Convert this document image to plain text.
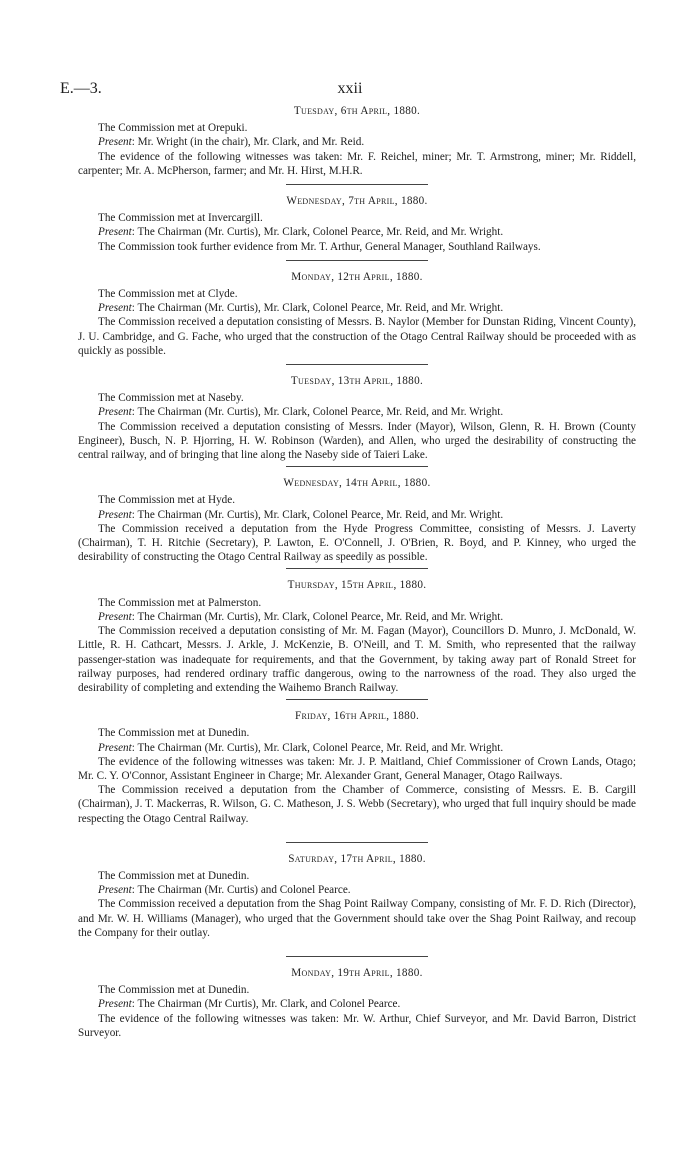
E.—3.	xxii
Tuesday, 6th April, 1880.

The Commission met at Orepuki.

Present: Mr. Wright (in the chair), Mr. Clark, and Mr. Reid.

The evidence of the following witnesses was taken: Mr. F. Reichel, miner; Mr. T. Armstrong, miner; Mr. Riddell, carpenter; Mr. A. McPherson, farmer; and Mr. H. Hirst, M.H.R.

Wednesday, 7th April, 1880.

The Commission met at Invercargill.

Present: The Chairman (Mr. Curtis), Mr. Clark, Colonel Pearce, Mr. Reid, and Mr. Wright.

The Commission took further evidence from Mr. T. Arthur, General Manager, Southland Railways.

Monday, 12th April, 1880.

The Commission met at Clyde.

Present: The Chairman (Mr. Curtis), Mr. Clark, Colonel Pearce, Mr. Reid, and Mr. Wright.

The Commission received a deputation consisting of Messrs. B. Naylor (Member for Dunstan Riding, Vincent County), J. U. Cambridge, and G. Fache, who urged that the construction of the Otago Central Railway should be proceeded with as quickly as possible.

Tuesday, 13th April, 1880.

The Commission met at Naseby.

Present: The Chairman (Mr. Curtis), Mr. Clark, Colonel Pearce, Mr. Reid, and Mr. Wright.

The Commission received a deputation consisting of Messrs. Inder (Mayor), Wilson, Glenn, R. H. Brown (County Engineer), Busch, N. P. Hjorring, H. W. Robinson (Warden), and Allen, who urged the desirability of constructing the central railway, and of bringing that line along the Naseby side of Taieri Lake.

Wednesday, 14th April, 1880.

The Commission met at Hyde.

Present: The Chairman (Mr. Curtis), Mr. Clark, Colonel Pearce, Mr. Reid, and Mr. Wright.

The Commission received a deputation from the Hyde Progress Committee, consisting of Messrs. J. Laverty (Chairman), T. H. Ritchie (Secretary), P. Lawton, E. O'Connell, J. O'Brien, R. Boyd, and P. Kinney, who urged the desirability of constructing the Otago Central Railway as speedily as possible.

Thursday, 15th April, 1880.

The Commission met at Palmerston.

Present: The Chairman (Mr. Curtis), Mr. Clark, Colonel Pearce, Mr. Reid, and Mr. Wright.

The Commission received a deputation consisting of Mr. M. Fagan (Mayor), Councillors D. Munro, J. McDonald, W. Little, R. H. Cathcart, Messrs. J. Arkle, J. McKenzie, B. O'Neill, and T. M. Smith, who represented that the railway passenger-station was inadequate for requirements, and that the Government, by taking away part of Ronald Street for railway purposes, had rendered ordinary traffic dangerous, owing to the narrowness of the road. They also urged the desirability of completing and extending the Waihemo Branch Railway.

Friday, 16th April, 1880.

The Commission met at Dunedin.

Present: The Chairman (Mr. Curtis), Mr. Clark, Colonel Pearce, Mr. Reid, and Mr. Wright.

The evidence of the following witnesses was taken: Mr. J. P. Maitland, Chief Commissioner of Crown Lands, Otago; Mr. C. Y. O'Connor, Assistant Engineer in Charge; Mr. Alexander Grant, General Manager, Otago Railways.

The Commission received a deputation from the Chamber of Commerce, consisting of Messrs. E. B. Cargill (Chairman), J. T. Mackerras, R. Wilson, G. C. Matheson, J. S. Webb (Secretary), who urged that full inquiry should be made respecting the Otago Central Railway.

Saturday, 17th April, 1880.

The Commission met at Dunedin.

Present: The Chairman (Mr. Curtis) and Colonel Pearce.

The Commission received a deputation from the Shag Point Railway Company, consisting of Mr. F. D. Rich (Director), and Mr. W. H. Williams (Manager), who urged that the Government should take over the Shag Point Railway, and recoup the Company for their outlay.

Monday, 19th April, 1880.

The Commission met at Dunedin.

Present: The Chairman (Mr Curtis), Mr. Clark, and Colonel Pearce.

The evidence of the following witnesses was taken: Mr. W. Arthur, Chief Surveyor, and Mr. David Barron, District Surveyor.
